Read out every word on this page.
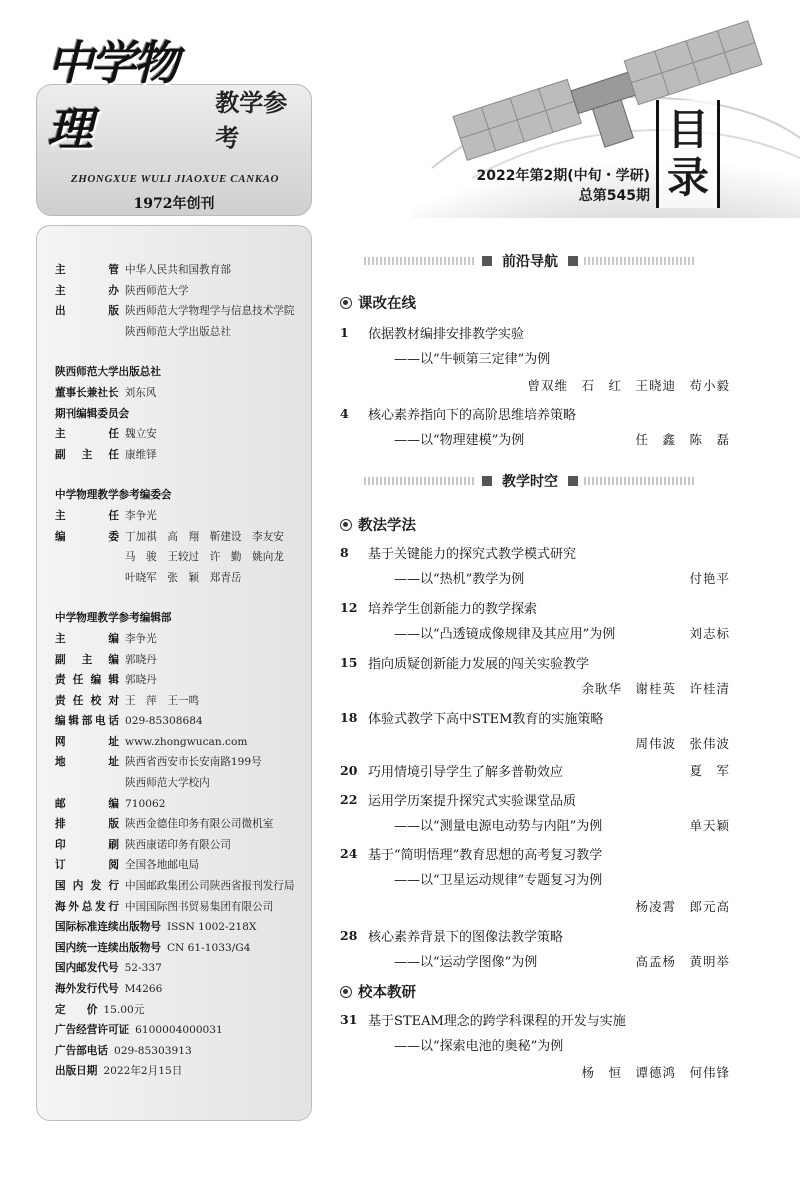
中学物理	教学参考
ZHONGXUE WULI JIAOXUE CANKAO
1972年创刊
2022年第2期(中旬・学研)
总第545期
目
录
主	管 中华人民共和国教育部
主	办 陕西师范大学
出	版 陕西师范大学物理学与信息技术学院
陕西师范大学出版总社
陕西师范大学出版总社
董事长兼社长 刘东风
期刊编辑委员会
主	任 魏立安
副 主 任 康维铎
中学物理教学参考编委会
主	任 李争光
编	委 丁加祺　高　翔　靳建设　李友安
马　骏　王较过　许　勤　姚向龙
叶晓军　张　颖　郑青岳
中学物理教学参考编辑部
主	编 李争光
副 主 编 郭晓丹
责 任 编 辑 郭晓丹
责 任 校 对 王　萍　王一鸣
编 辑 部 电 话 029-85308684
网	址 www.zhongwucan.com
地	址 陕西省西安市长安南路199号
陕西师范大学校内
邮	编 710062
排	版 陕西金德佳印务有限公司微机室
印	刷 陕西康诺印务有限公司
订	阅 全国各地邮电局
国 内 发 行 中国邮政集团公司陕西省报刊发行局
海 外 总 发 行 中国国际图书贸易集团有限公司
国际标准连续出版物号 ISSN 1002-218X
国内统一连续出版物号 CN 61-1033/G4
国内邮发代号 52-337
海外发行代号 M4266
定　　价 15.00元
广告经营许可证 6100004000031
广告部电话 029-85303913
出版日期 2022年2月15日
前沿导航
课改在线
教学时空
教法学法
校本教研
1	依据教材编排安排教学实验
——以“牛顿第三定律”为例
曾双维　石　红　王晓迪　苟小毅
4	核心素养指向下的高阶思维培养策略
——以“物理建模”为例	任　鑫　陈　磊
8	基于关键能力的探究式教学模式研究
——以“热机”教学为例	付艳平
12 培养学生创新能力的教学探索
——以“凸透镜成像规律及其应用”为例	刘志标
15 指向质疑创新能力发展的闯关实验教学
余耿华　谢桂英　许桂清
18 体验式教学下高中STEM教育的实施策略
周伟波　张伟波
20 巧用情境引导学生了解多普勒效应	夏　军
22 运用学历案提升探究式实验课堂品质
——以“测量电源电动势与内阻”为例	单天颖
24 基于“简明悟理”教育思想的高考复习教学
——以“卫星运动规律”专题复习为例
杨凌霄　郎元高
28 核心素养背景下的图像法教学策略
——以“运动学图像”为例	高孟杨　黄明举
31 基于STEAM理念的跨学科课程的开发与实施
——以“探索电池的奥秘”为例
杨　恒　谭德鸿　何伟锋
